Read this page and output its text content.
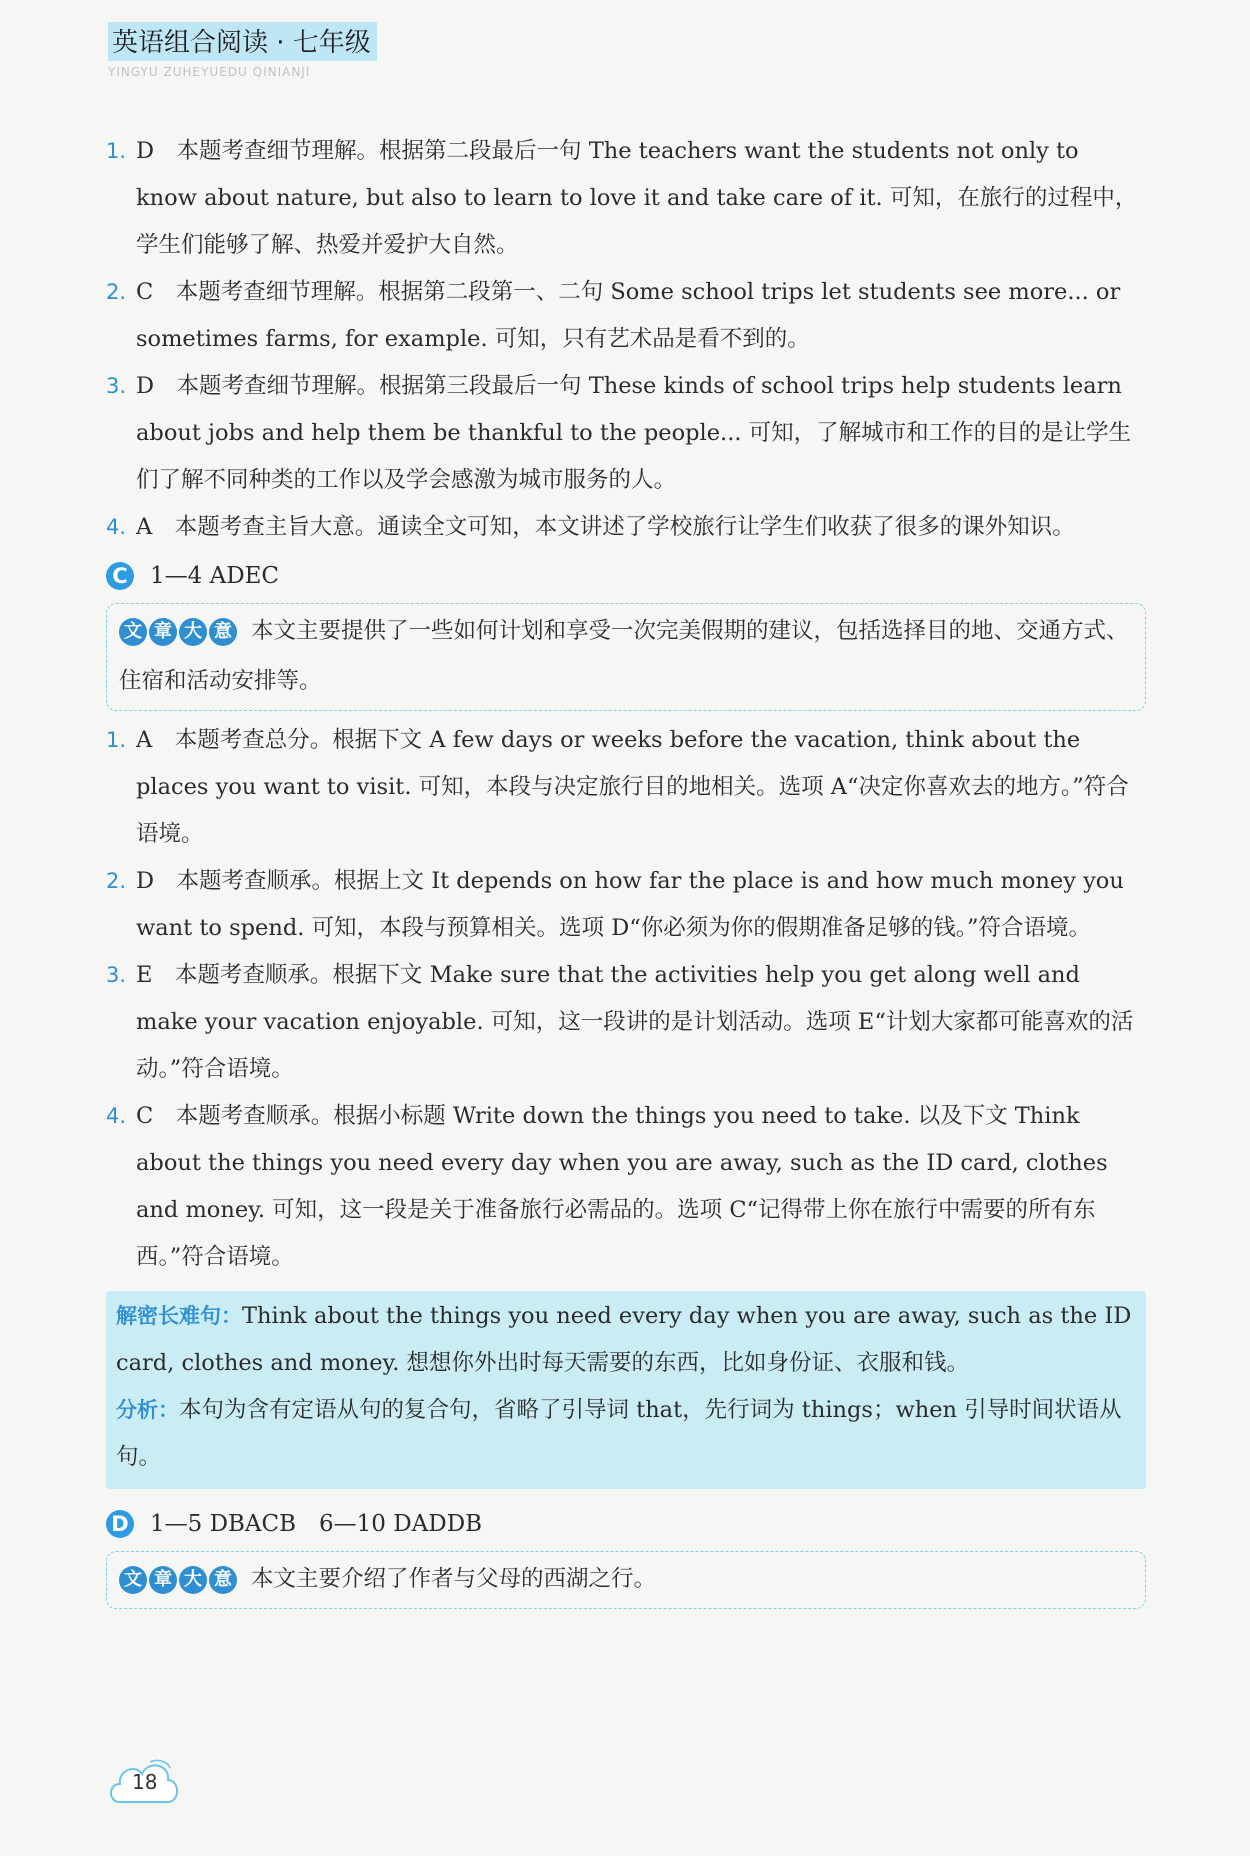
英语组合阅读 · 七年级
YINGYU ZUHEYUEDU QINIANJI
1. D　本题考查细节理解。根据第二段最后一句 The teachers want the students not only to know about nature, but also to learn to love it and take care of it. 可知，在旅行的过程中，学生们能够了解、热爱并爱护大自然。
2. C　本题考查细节理解。根据第二段第一、二句 Some school trips let students see more... or sometimes farms, for example. 可知，只有艺术品是看不到的。
3. D　本题考查细节理解。根据第三段最后一句 These kinds of school trips help students learn about jobs and help them be thankful to the people... 可知，了解城市和工作的目的是让学生们了解不同种类的工作以及学会感激为城市服务的人。
4. A　本题考查主旨大意。通读全文可知，本文讲述了学校旅行让学生们收获了很多的课外知识。
C 1—4 ADEC
文 章 大 意 本文主要提供了一些如何计划和享受一次完美假期的建议，包括选择目的地、交通方式、住宿和活动安排等。
1. A　本题考查总分。根据下文 A few days or weeks before the vacation, think about the places you want to visit. 可知，本段与决定旅行目的地相关。选项 A“决定你喜欢去的地方。”符合语境。
2. D　本题考查顺承。根据上文 It depends on how far the place is and how much money you want to spend. 可知，本段与预算相关。选项 D“你必须为你的假期准备足够的钱。”符合语境。
3. E　本题考查顺承。根据下文 Make sure that the activities help you get along well and make your vacation enjoyable. 可知，这一段讲的是计划活动。选项 E“计划大家都可能喜欢的活动。”符合语境。
4. C　本题考查顺承。根据小标题 Write down the things you need to take. 以及下文 Think about the things you need every day when you are away, such as the ID card, clothes and money. 可知，这一段是关于准备旅行必需品的。选项 C“记得带上你在旅行中需要的所有东西。”符合语境。
解密长难句：Think about the things you need every day when you are away, such as the ID card, clothes and money. 想想你外出时每天需要的东西，比如身份证、衣服和钱。
分析：本句为含有定语从句的复合句，省略了引导词 that，先行词为 things；when 引导时间状语从句。
D 1—5 DBACB　6—10 DADDB
文 章 大 意 本文主要介绍了作者与父母的西湖之行。
18
